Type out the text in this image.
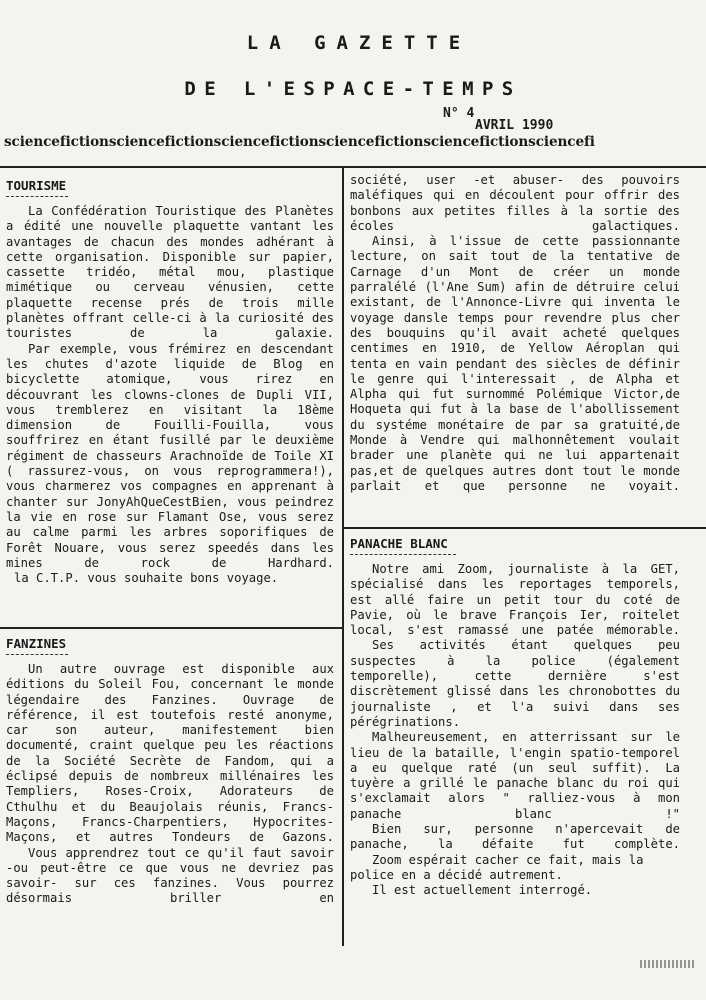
LA GAZETTE
DE L'ESPACE-TEMPS
N° 4
AVRIL 1990
sciencefictionsciencefictionsciencefictionsciencefictionsciencefictionsciencefi
TOURISME

La Confédération Touristique des Planètes a édité une nouvelle plaquette vantant les avantages de chacun des mondes adhérant à cette organisation. Disponible sur papier, cassette tridéo, métal mou, plastique mimétique ou cerveau vénusien, cette plaquette recense prés de trois mille planètes offrant celle-ci à la curiosité des touristes de la galaxie.

Par exemple, vous frémirez en descendant les chutes d'azote liquide de Blog en bicyclette atomique, vous rirez en découvrant les clowns-clones de Dupli VII, vous tremblerez en visitant la 18ème dimension de Fouilli-Fouilla, vous souffrirez en étant fusillé par le deuxième régiment de chasseurs Arachnoïde de Toile XI ( rassurez-vous, on vous reprogrammera!), vous charmerez vos compagnes en apprenant à chanter sur JonyAhQueCestBien, vous peindrez la vie en rose sur Flamant Ose, vous serez au calme parmi les arbres soporifiques de Forêt Nouare, vous serez speedés dans les mines de rock de Hardhard.

la C.T.P. vous souhaite bons voyage.

FANZINES

Un autre ouvrage est disponible aux éditions du Soleil Fou, concernant le monde légendaire des Fanzines. Ouvrage de référence, il est toutefois resté anonyme, car son auteur, manifestement bien documenté, craint quelque peu les réactions de la Société Secrète de Fandom, qui a éclipsé depuis de nombreux millénaires les Templiers, Roses-Croix, Adorateurs de Cthulhu et du Beaujolais réunis, Francs-Maçons, Francs-Charpentiers, Hypocrites-Maçons, et autres Tondeurs de Gazons.

Vous apprendrez tout ce qu'il faut savoir -ou peut-être ce que vous ne devriez pas savoir- sur ces fanzines. Vous pourrez désormais briller en

société, user -et abuser- des pouvoirs maléfiques qui en découlent pour offrir des bonbons aux petites filles à la sortie des écoles galactiques.

Ainsi, à l'issue de cette passionnante lecture, on sait tout de la tentative de Carnage d'un Mont de créer un monde parralélé (l'Ane Sum) afin de détruire celui existant, de l'Annonce-Livre qui inventa le voyage dansle temps pour revendre plus cher des bouquins qu'il avait acheté quelques centimes en 1910, de Yellow Aéroplan qui tenta en vain pendant des siècles de définir le genre qui l'interessait , de Alpha et Alpha qui fut surnommé Polémique Victor,de Hoqueta qui fut à la base de l'abollissement du systéme monétaire de par sa gratuité,de Monde à Vendre qui malhonnêtement voulait brader une planète qui ne lui appartenait pas,et de quelques autres dont tout le monde parlait et que personne ne voyait.

PANACHE BLANC

Notre ami Zoom, journaliste à la GET, spécialisé dans les reportages temporels, est allé faire un petit tour du coté de Pavie, où le brave François Ier, roitelet local, s'est ramassé une patée mémorable.

Ses activités étant quelques peu suspectes à la police (également temporelle), cette dernière s'est discrètement glissé dans les chronobottes du journaliste , et l'a suivi dans ses pérégrinations.

Malheureusement, en atterrissant sur le lieu de la bataille, l'engin spatio-temporel a eu quelque raté (un seul suffit). La tuyère a grillé le panache blanc du roi qui s'exclamait alors " ralliez-vous à mon panache blanc !"

Bien sur, personne n'apercevait de panache, la défaite fut complète.

Zoom espérait cacher ce fait, mais la police en a décidé autrement.

Il est actuellement interrogé.
